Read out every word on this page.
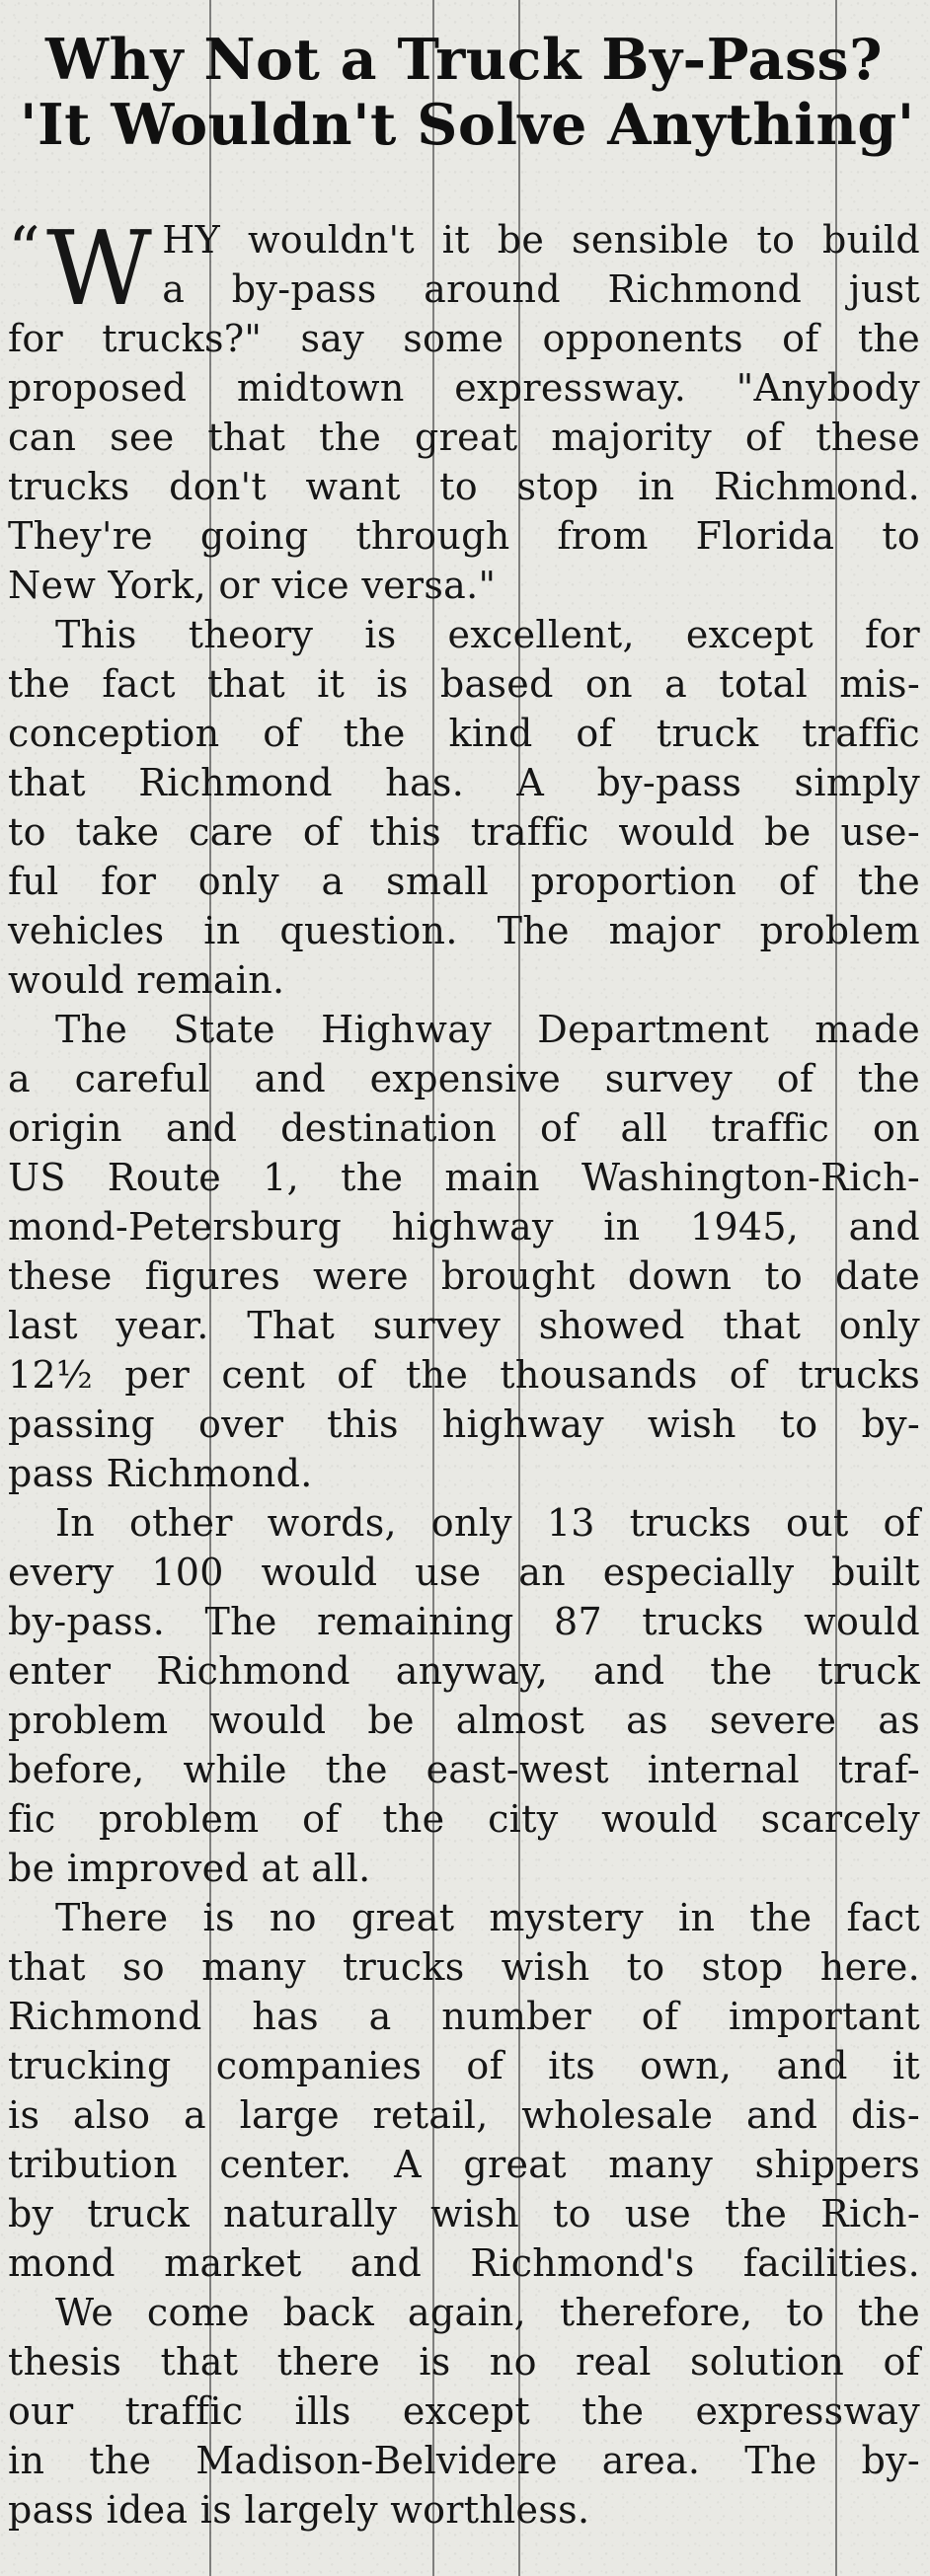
Why Not a Truck By-Pass?
'It Wouldn't Solve Anything'
“ W HY wouldn't it be sensible to build
a by-pass around Richmond just
for trucks?" say some opponents of the
proposed midtown expressway. "Anybody
can see that the great majority of these
trucks don't want to stop in Richmond.
They're going through from Florida to
New York, or vice versa."
This theory is excellent, except for
the fact that it is based on a total mis-
conception of the kind of truck traffic
that Richmond has. A by-pass simply
to take care of this traffic would be use-
ful for only a small proportion of the
vehicles in question. The major problem
would remain.
The State Highway Department made
a careful and expensive survey of the
origin and destination of all traffic on
US Route 1, the main Washington-Rich-
mond-Petersburg highway in 1945, and
these figures were brought down to date
last year. That survey showed that only
12½ per cent of the thousands of trucks
passing over this highway wish to by-
pass Richmond.
In other words, only 13 trucks out of
every 100 would use an especially built
by-pass. The remaining 87 trucks would
enter Richmond anyway, and the truck
problem would be almost as severe as
before, while the east-west internal traf-
fic problem of the city would scarcely
be improved at all.
There is no great mystery in the fact
that so many trucks wish to stop here.
Richmond has a number of important
trucking companies of its own, and it
is also a large retail, wholesale and dis-
tribution center. A great many shippers
by truck naturally wish to use the Rich-
mond market and Richmond's facilities.
We come back again, therefore, to the
thesis that there is no real solution of
our traffic ills except the expressway
in the Madison-Belvidere area. The by-
pass idea is largely worthless.
